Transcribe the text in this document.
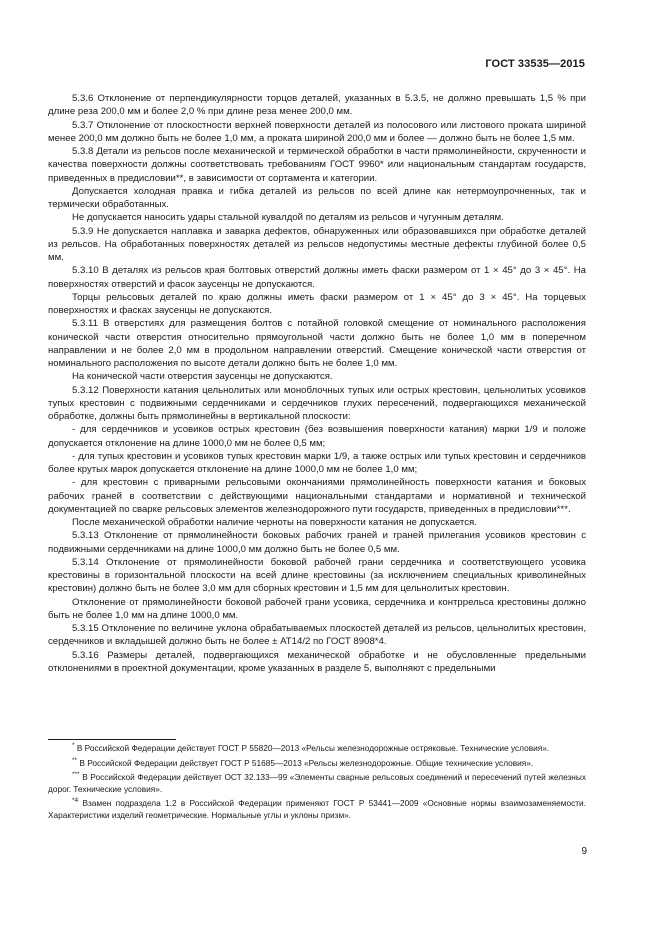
ГОСТ 33535—2015

5.3.6 Отклонение от перпендикулярности торцов деталей, указанных в 5.3.5, не должно превышать 1,5 % при длине реза 200,0 мм и более 2,0 % при длине реза менее 200,0 мм.

5.3.7 Отклонение от плоскостности верхней поверхности деталей из полосового или листового проката шириной менее 200,0 мм должно быть не более 1,0 мм, а проката шириной 200,0 мм и более — должно быть не более 1,5 мм.

5.3.8 Детали из рельсов после механической и термической обработки в части прямолинейности, скрученности и качества поверхности должны соответствовать требованиям ГОСТ 9960* или национальным стандартам государств, приведенных в предисловии**, в зависимости от сортамента и категории.

Допускается холодная правка и гибка деталей из рельсов по всей длине как нетермоупрочненных, так и термически обработанных.

Не допускается наносить удары стальной кувалдой по деталям из рельсов и чугунным деталям.

5.3.9 Не допускается наплавка и заварка дефектов, обнаруженных или образовавшихся при обработке деталей из рельсов. На обработанных поверхностях деталей из рельсов недопустимы местные дефекты глубиной более 0,5 мм.

5.3.10 В деталях из рельсов края болтовых отверстий должны иметь фаски размером от 1 × 45° до 3 × 45°. На поверхностях отверстий и фасок заусенцы не допускаются.

Торцы рельсовых деталей по краю должны иметь фаски размером от 1 × 45° до 3 × 45°. На торцевых поверхностях и фасках заусенцы не допускаются.

5.3.11 В отверстиях для размещения болтов с потайной головкой смещение от номинального расположения конической части отверстия относительно прямоугольной части должно быть не более 1,0 мм в поперечном направлении и не более 2,0 мм в продольном направлении отверстий. Смещение конической части отверстия от номинального расположения по высоте детали должно быть не более 1,0 мм.

На конической части отверстия заусенцы не допускаются.

5.3.12 Поверхности катания цельнолитых или моноблочных тупых или острых крестовин, цельнолитых усовиков тупых крестовин с подвижными сердечниками и сердечников глухих пересечений, подвергающихся механической обработке, должны быть прямолинейны в вертикальной плоскости:

- для сердечников и усовиков острых крестовин (без возвышения поверхности катания) марки 1/9 и положе допускается отклонение на длине 1000,0 мм не более 0,5 мм;

- для тупых крестовин и усовиков тупых крестовин марки 1/9, а также острых или тупых крестовин и сердечников более крутых марок допускается отклонение на длине 1000,0 мм не более 1,0 мм;

- для крестовин с приварными рельсовыми окончаниями прямолинейность поверхности катания и боковых рабочих граней в соответствии с действующими национальными стандартами и нормативной и технической документацией по сварке рельсовых элементов железнодорожного пути государств, приведенных в предисловии***.

После механической обработки наличие черноты на поверхности катания не допускается.

5.3.13 Отклонение от прямолинейности боковых рабочих граней и граней прилегания усовиков крестовин с подвижными сердечниками на длине 1000,0 мм должно быть не более 0,5 мм.

5.3.14 Отклонение от прямолинейности боковой рабочей грани сердечника и соответствующего усовика крестовины в горизонтальной плоскости на всей длине крестовины (за исключением специальных криволинейных крестовин) должно быть не более 3,0 мм для сборных крестовин и 1,5 мм для цельнолитых крестовин.

Отклонение от прямолинейности боковой рабочей грани усовика, сердечника и контррельса крестовины должно быть не более 1,0 мм на длине 1000,0 мм.

5.3.15 Отклонение по величине уклона обрабатываемых плоскостей деталей из рельсов, цельнолитых крестовин, сердечников и вкладышей должно быть не более ± AT14/2 по ГОСТ 8908*4.

5.3.16 Размеры деталей, подвергающихся механической обработке и не обусловленные предельными отклонениями в проектной документации, кроме указанных в разделе 5, выполняют с предельными

* В Российской Федерации действует ГОСТ Р 55820—2013 «Рельсы железнодорожные остряковые. Технические условия».

** В Российской Федерации действует ГОСТ Р 51685—2013 «Рельсы железнодорожные. Общие технические условия».

*** В Российской Федерации действует ОСТ 32.133—99 «Элементы сварные рельсовых соединений и пересечений путей железных дорог. Технические условия».

$^{*4}$ Взамен подраздела 1.2 в Российской Федерации применяют ГОСТ Р 53441—2009 «Основные нормы взаимозаменяемости. Характеристики изделий геометрические. Нормальные углы и уклоны призм».

9
